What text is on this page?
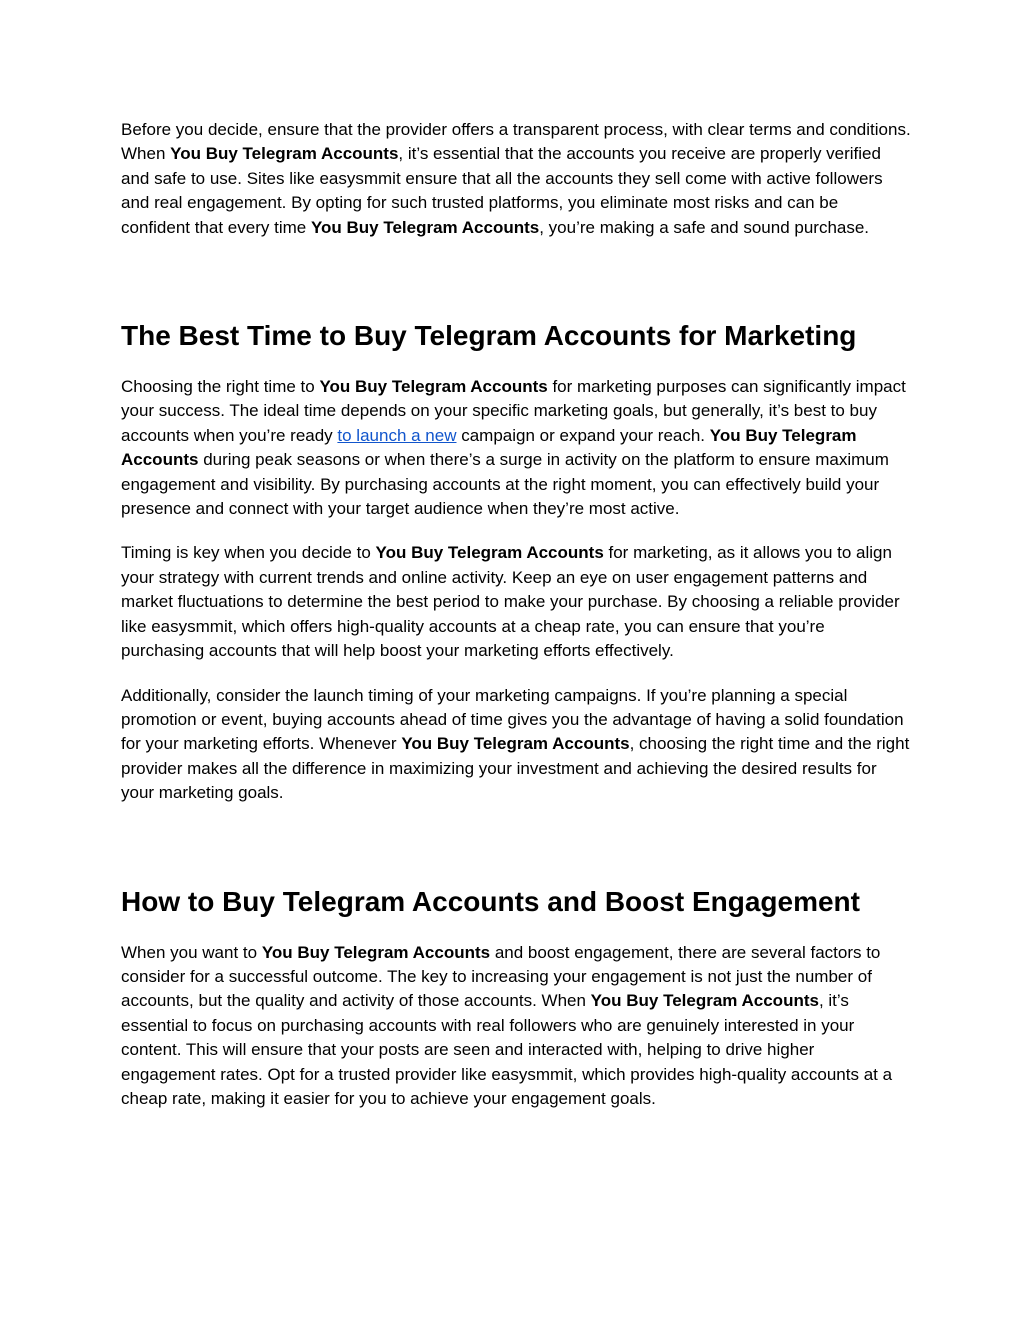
Before you decide, ensure that the provider offers a transparent process, with clear terms and conditions. When You Buy Telegram Accounts, it’s essential that the accounts you receive are properly verified and safe to use. Sites like easysmmit ensure that all the accounts they sell come with active followers and real engagement. By opting for such trusted platforms, you eliminate most risks and can be confident that every time You Buy Telegram Accounts, you’re making a safe and sound purchase.

The Best Time to Buy Telegram Accounts for Marketing

Choosing the right time to You Buy Telegram Accounts for marketing purposes can significantly impact your success. The ideal time depends on your specific marketing goals, but generally, it’s best to buy accounts when you’re ready to launch a new campaign or expand your reach. You Buy Telegram Accounts during peak seasons or when there’s a surge in activity on the platform to ensure maximum engagement and visibility. By purchasing accounts at the right moment, you can effectively build your presence and connect with your target audience when they’re most active.

Timing is key when you decide to You Buy Telegram Accounts for marketing, as it allows you to align your strategy with current trends and online activity. Keep an eye on user engagement patterns and market fluctuations to determine the best period to make your purchase. By choosing a reliable provider like easysmmit, which offers high-quality accounts at a cheap rate, you can ensure that you’re purchasing accounts that will help boost your marketing efforts effectively.

Additionally, consider the launch timing of your marketing campaigns. If you’re planning a special promotion or event, buying accounts ahead of time gives you the advantage of having a solid foundation for your marketing efforts. Whenever You Buy Telegram Accounts, choosing the right time and the right provider makes all the difference in maximizing your investment and achieving the desired results for your marketing goals.

How to Buy Telegram Accounts and Boost Engagement

When you want to You Buy Telegram Accounts and boost engagement, there are several factors to consider for a successful outcome. The key to increasing your engagement is not just the number of accounts, but the quality and activity of those accounts. When You Buy Telegram Accounts, it’s essential to focus on purchasing accounts with real followers who are genuinely interested in your content. This will ensure that your posts are seen and interacted with, helping to drive higher engagement rates. Opt for a trusted provider like easysmmit, which provides high-quality accounts at a cheap rate, making it easier for you to achieve your engagement goals.
